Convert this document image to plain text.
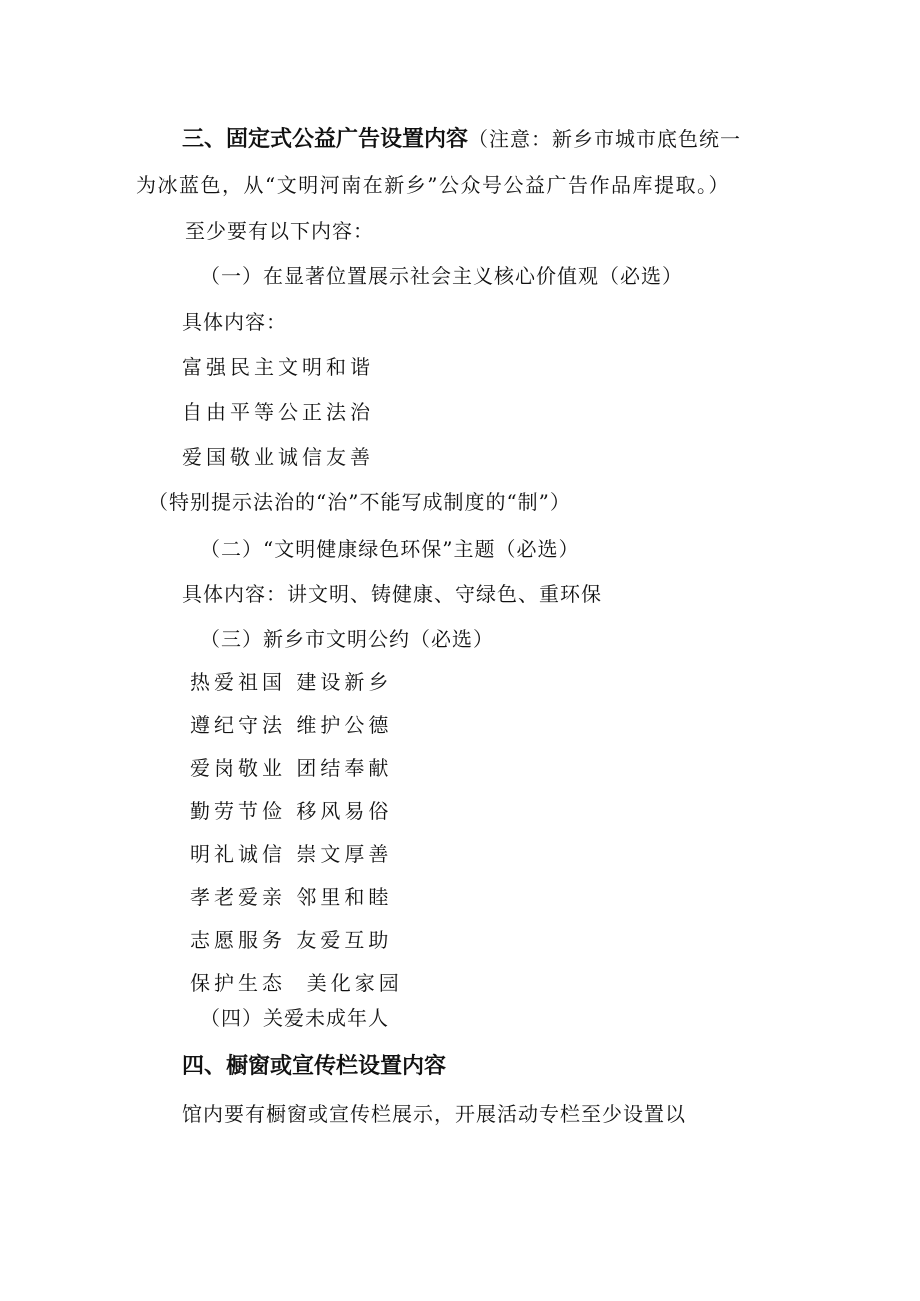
三、固定式公益广告设置内容（注意：新乡市城市底色统一
为冰蓝色，从“文明河南在新乡”公众号公益广告作品库提取。）
至少要有以下内容：
（一）在显著位置展示社会主义核心价值观（必选）
具体内容：
富强民主文明和谐
自由平等公正法治
爱国敬业诚信友善
（特别提示法治的“治”不能写成制度的“制”）
（二）“文明健康绿色环保”主题（必选）
具体内容：讲文明、铸健康、守绿色、重环保
（三）新乡市文明公约（必选）
热爱祖国 建设新乡
遵纪守法 维护公德
爱岗敬业 团结奉献
勤劳节俭 移风易俗
明礼诚信 崇文厚善
孝老爱亲 邻里和睦
志愿服务 友爱互助
保护生态  美化家园
（四）关爱未成年人
四、橱窗或宣传栏设置内容
馆内要有橱窗或宣传栏展示，开展活动专栏至少设置以
